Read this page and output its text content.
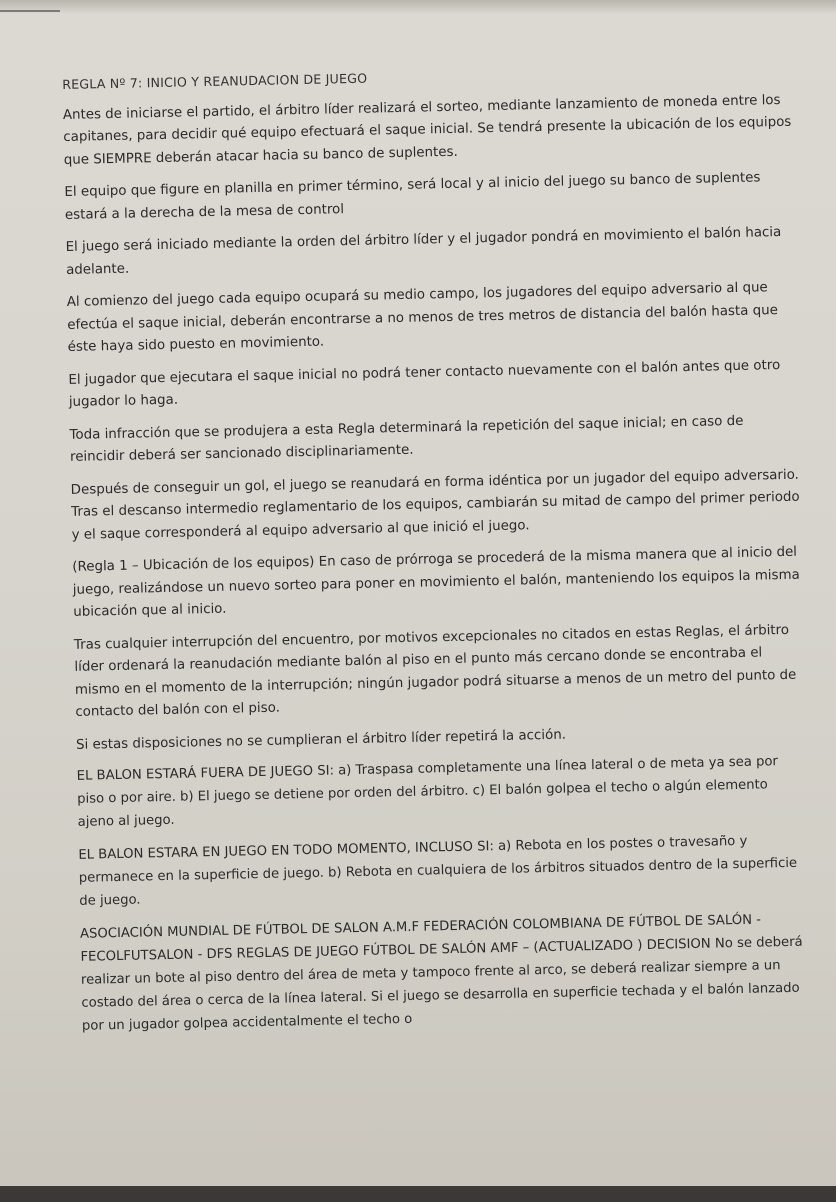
REGLA Nº 7: INICIO Y REANUDACION DE JUEGO

Antes de iniciarse el partido, el árbitro líder realizará el sorteo, mediante lanzamiento de moneda entre los capitanes, para decidir qué equipo efectuará el saque inicial. Se tendrá presente la ubicación de los equipos que SIEMPRE deberán atacar hacia su banco de suplentes.

El equipo que figure en planilla en primer término, será local y al inicio del juego su banco de suplentes estará a la derecha de la mesa de control

El juego será iniciado mediante la orden del árbitro líder y el jugador pondrá en movimiento el balón hacia adelante.

Al comienzo del juego cada equipo ocupará su medio campo, los jugadores del equipo adversario al que efectúa el saque inicial, deberán encontrarse a no menos de tres metros de distancia del balón hasta que éste haya sido puesto en movimiento.

El jugador que ejecutara el saque inicial no podrá tener contacto nuevamente con el balón antes que otro jugador lo haga.

Toda infracción que se produjera a esta Regla determinará la repetición del saque inicial; en caso de reincidir deberá ser sancionado disciplinariamente.

Después de conseguir un gol, el juego se reanudará en forma idéntica por un jugador del equipo adversario. Tras el descanso intermedio reglamentario de los equipos, cambiarán su mitad de campo del primer periodo y el saque corresponderá al equipo adversario al que inició el juego.

(Regla 1 – Ubicación de los equipos) En caso de prórroga se procederá de la misma manera que al inicio del juego, realizándose un nuevo sorteo para poner en movimiento el balón, manteniendo los equipos la misma ubicación que al inicio.

Tras cualquier interrupción del encuentro, por motivos excepcionales no citados en estas Reglas, el árbitro líder ordenará la reanudación mediante balón al piso en el punto más cercano donde se encontraba el mismo en el momento de la interrupción; ningún jugador podrá situarse a menos de un metro del punto de contacto del balón con el piso.

Si estas disposiciones no se cumplieran el árbitro líder repetirá la acción.

EL BALON ESTARÁ FUERA DE JUEGO SI: a) Traspasa completamente una línea lateral o de meta ya sea por piso o por aire. b) El juego se detiene por orden del árbitro. c) El balón golpea el techo o algún elemento ajeno al juego.

EL BALON ESTARA EN JUEGO EN TODO MOMENTO, INCLUSO SI: a) Rebota en los postes o travesaño y permanece en la superficie de juego. b) Rebota en cualquiera de los árbitros situados dentro de la superficie de juego.

ASOCIACIÓN MUNDIAL DE FÚTBOL DE SALON A.M.F FEDERACIÓN COLOMBIANA DE FÚTBOL DE SALÓN - FECOLFUTSALON - DFS REGLAS DE JUEGO FÚTBOL DE SALÓN AMF – (ACTUALIZADO ) DECISION No se deberá realizar un bote al piso dentro del área de meta y tampoco frente al arco, se deberá realizar siempre a un costado del área o cerca de la línea lateral. Si el juego se desarrolla en superficie techada y el balón lanzado por un jugador golpea accidentalmente el techo o
